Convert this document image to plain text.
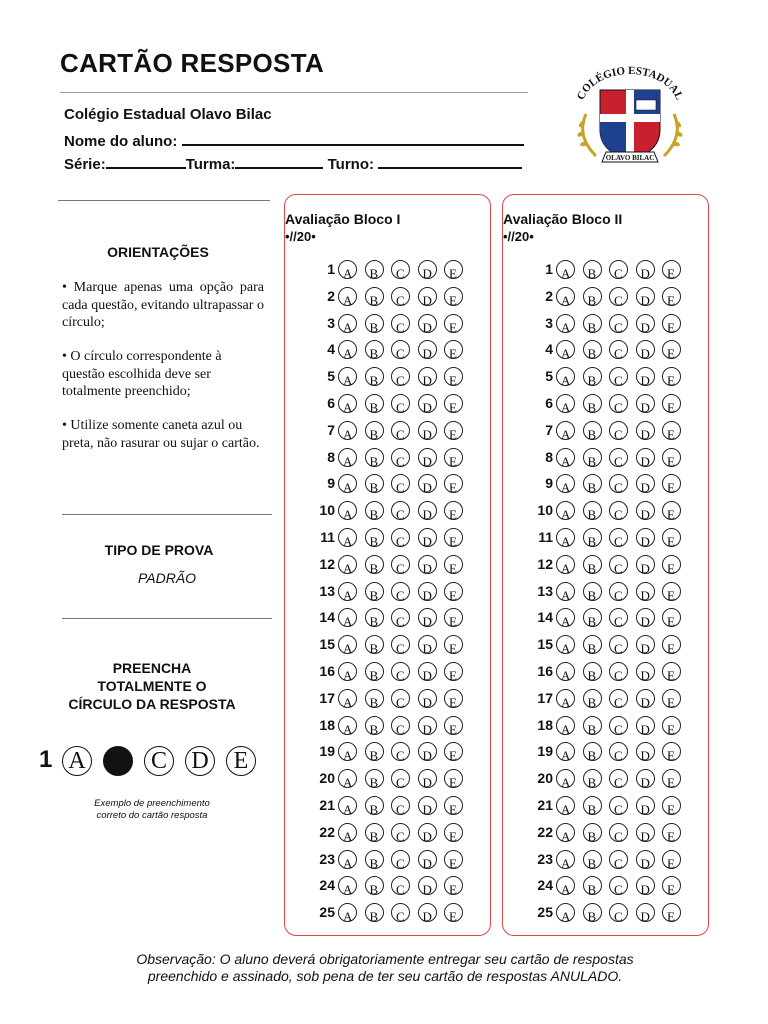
CARTÃO RESPOSTA
Colégio Estadual Olavo Bilac
Nome do aluno:
Série:	Turma:	Turno:
COLÉGIO ESTADUAL
OLAVO BILAC
ORIENTAÇÕES
• Marque apenas uma opção para cada questão, evitando ultrapassar o círculo;
• O círculo correspondente à questão escolhida deve ser totalmente preenchido;
• Utilize somente caneta azul ou preta, não rasurar ou sujar o cartão.
TIPO DE PROVA
PADRÃO
PREENCHA
TOTALMENTE O
CÍRCULO DA RESPOSTA
1 A	C D	E
Exemplo de preenchimento
correto do cartão resposta
Avaliação Bloco I
•//20•
1 A	B	C	D	E
2 A	B	C	D	E
3 A	B	C	D	E
4 A	B	C	D	E
5 A	B	C	D	E
6 A	B	C	D	E
7 A	B	C	D	E
8 A	B	C	D	E
9 A	B	C	D	E
10 A	B	C	D	E
11 A	B	C	D	E
12 A	B	C	D	E
13 A	B	C	D	E
14 A	B	C	D	E
15 A	B	C	D	E
16 A	B	C	D	E
17 A	B	C	D	E
18 A	B	C	D	E
19 A	B	C	D	E
20 A	B	C	D	E
21 A	B	C	D	E
22 A	B	C	D	E
23 A	B	C	D	E
24 A	B	C	D	E
25 A	B	C	D	E
Avaliação Bloco II
•//20•
1 A	B	C	D	E
2 A	B	C	D	E
3 A	B	C	D	E
4 A	B	C	D	E
5 A	B	C	D	E
6 A	B	C	D	E
7 A	B	C	D	E
8 A	B	C	D	E
9 A	B	C	D	E
10 A	B	C	D	E
11 A	B	C	D	E
12 A	B	C	D	E
13 A	B	C	D	E
14 A	B	C	D	E
15 A	B	C	D	E
16 A	B	C	D	E
17 A	B	C	D	E
18 A	B	C	D	E
19 A	B	C	D	E
20 A	B	C	D	E
21 A	B	C	D	E
22 A	B	C	D	E
23 A	B	C	D	E
24 A	B	C	D	E
25 A	B	C	D	E
Observação: O aluno deverá obrigatoriamente entregar seu cartão de respostas
preenchido e assinado, sob pena de ter seu cartão de respostas ANULADO.
